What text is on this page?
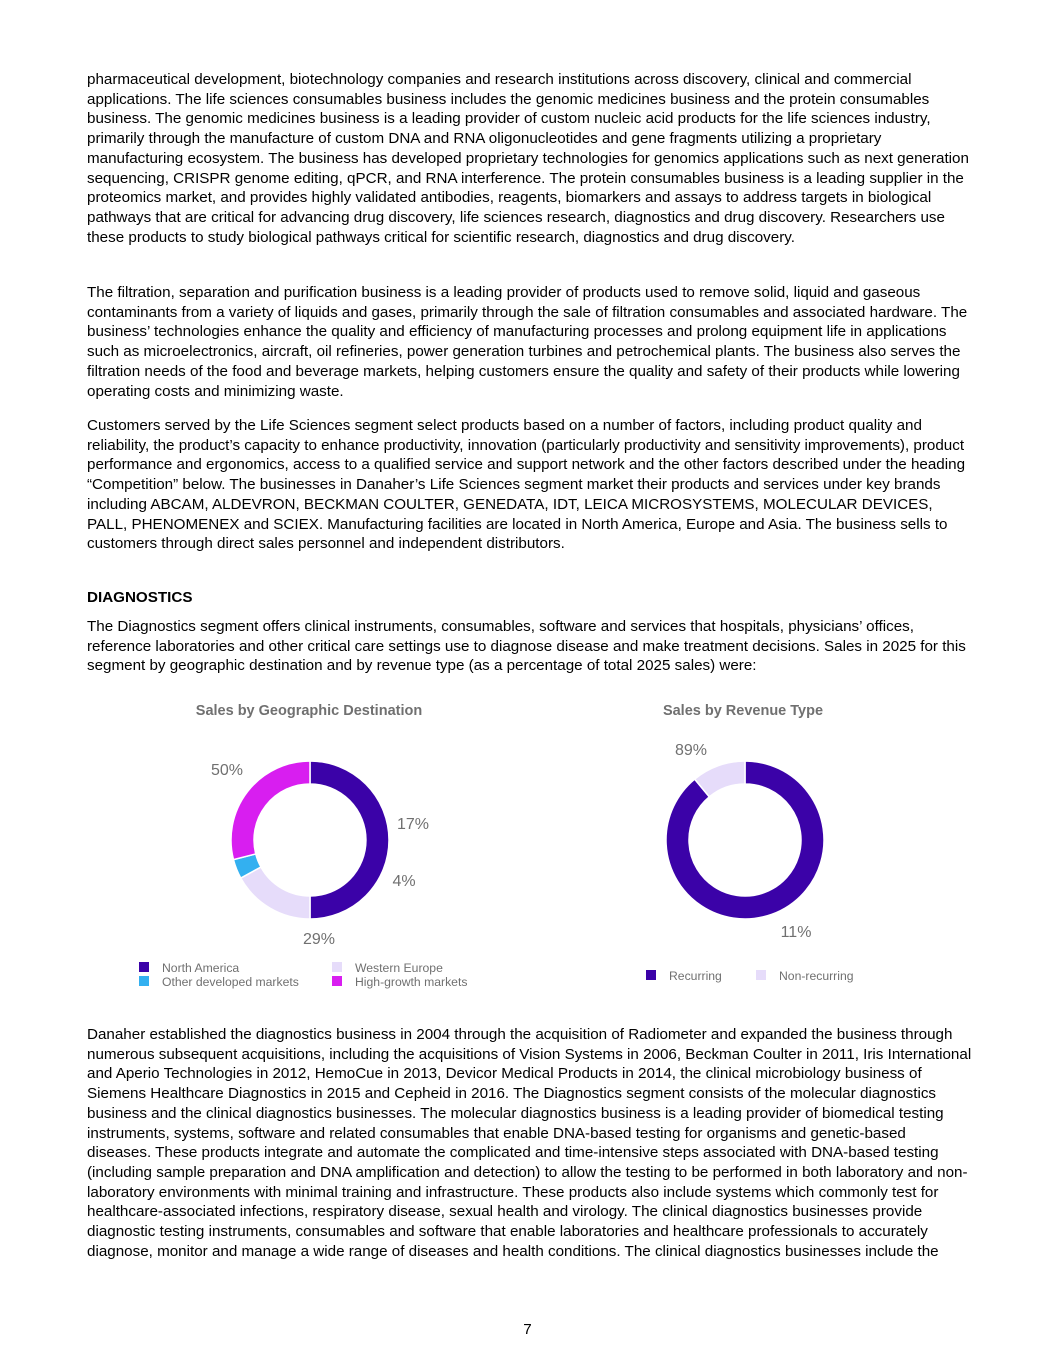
pharmaceutical development, biotechnology companies and research institutions across discovery, clinical and commercial applications. The life sciences consumables business includes the genomic medicines business and the protein consumables business. The genomic medicines business is a leading provider of custom nucleic acid products for the life sciences industry, primarily through the manufacture of custom DNA and RNA oligonucleotides and gene fragments utilizing a proprietary manufacturing ecosystem. The business has developed proprietary technologies for genomics applications such as next generation sequencing, CRISPR genome editing, qPCR, and RNA interference. The protein consumables business is a leading supplier in the proteomics market, and provides highly validated antibodies, reagents, biomarkers and assays to address targets in biological pathways that are critical for advancing drug discovery, life sciences research, diagnostics and drug discovery. Researchers use these products to study biological pathways critical for scientific research, diagnostics and drug discovery.

The filtration, separation and purification business is a leading provider of products used to remove solid, liquid and gaseous contaminants from a variety of liquids and gases, primarily through the sale of filtration consumables and associated hardware. The business’ technologies enhance the quality and efficiency of manufacturing processes and prolong equipment life in applications such as microelectronics, aircraft, oil refineries, power generation turbines and petrochemical plants. The business also serves the filtration needs of the food and beverage markets, helping customers ensure the quality and safety of their products while lowering operating costs and minimizing waste.

Customers served by the Life Sciences segment select products based on a number of factors, including product quality and reliability, the product’s capacity to enhance productivity, innovation (particularly productivity and sensitivity improvements), product performance and ergonomics, access to a qualified service and support network and the other factors described under the heading “Competition” below. The businesses in Danaher’s Life Sciences segment market their products and services under key brands including ABCAM, ALDEVRON, BECKMAN COULTER, GENEDATA, IDT, LEICA MICROSYSTEMS, MOLECULAR DEVICES, PALL, PHENOMENEX and SCIEX. Manufacturing facilities are located in North America, Europe and Asia. The business sells to customers through direct sales personnel and independent distributors.

DIAGNOSTICS

The Diagnostics segment offers clinical instruments, consumables, software and services that hospitals, physicians’ offices, reference laboratories and other critical care settings use to diagnose disease and make treatment decisions. Sales in 2025 for this segment by geographic destination and by revenue type (as a percentage of total 2025 sales) were:

Sales by Geographic Destination
50%
17%
4%
29%
North America	Western Europe
Other developed markets	High-growth markets
Sales by Revenue Type
89%
11%
Recurring	Non-recurring

Danaher established the diagnostics business in 2004 through the acquisition of Radiometer and expanded the business through numerous subsequent acquisitions, including the acquisitions of Vision Systems in 2006, Beckman Coulter in 2011, Iris International and Aperio Technologies in 2012, HemoCue in 2013, Devicor Medical Products in 2014, the clinical microbiology business of Siemens Healthcare Diagnostics in 2015 and Cepheid in 2016. The Diagnostics segment consists of the molecular diagnostics business and the clinical diagnostics businesses. The molecular diagnostics business is a leading provider of biomedical testing instruments, systems, software and related consumables that enable DNA-based testing for organisms and genetic-based diseases. These products integrate and automate the complicated and time-intensive steps associated with DNA-based testing (including sample preparation and DNA amplification and detection) to allow the testing to be performed in both laboratory and non-laboratory environments with minimal training and infrastructure. These products also include systems which commonly test for healthcare-associated infections, respiratory disease, sexual health and virology. The clinical diagnostics businesses provide diagnostic testing instruments, consumables and software that enable laboratories and healthcare professionals to accurately diagnose, monitor and manage a wide range of diseases and health conditions. The clinical diagnostics businesses include the

7
